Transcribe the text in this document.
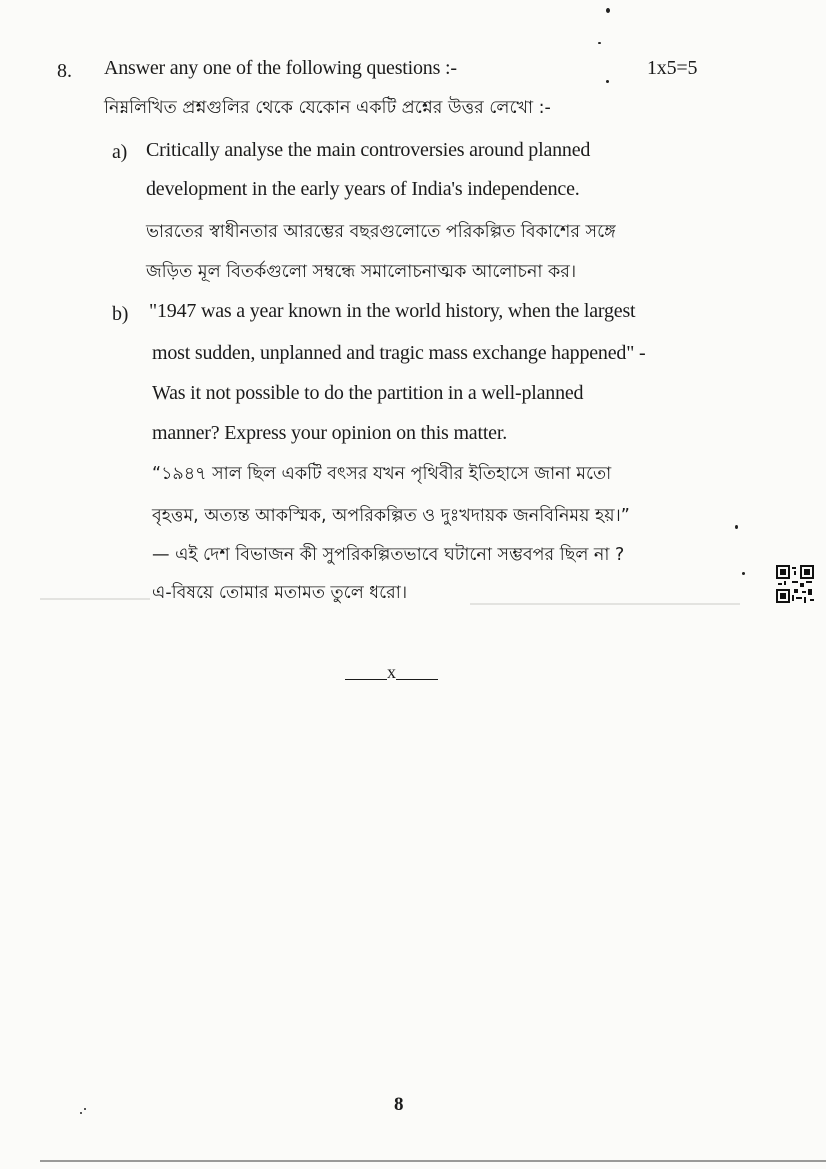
8. Answer any one of the following questions :-	1x5=5
নিম্নলিখিত প্রশ্নগুলির থেকে যেকোন একটি প্রশ্নের উত্তর লেখো :-
a) Critically analyse the main controversies around planned
development in the early years of India's independence.
ভারতের স্বাধীনতার আরম্ভের বছরগুলোতে পরিকল্পিত বিকাশের সঙ্গে
জড়িত মূল বিতর্কগুলো সম্বন্ধে সমালোচনাত্মক আলোচনা কর।
b) "1947 was a year known in the world history, when the largest
most sudden, unplanned and tragic mass exchange happened" -
Was it not possible to do the partition in a well-planned
manner? Express your opinion on this matter.
“১৯৪৭ সাল ছিল একটি বৎসর যখন পৃথিবীর ইতিহাসে জানা মতো
বৃহত্তম, অত্যন্ত আকস্মিক, অপরিকল্পিত ও দুঃখদায়ক জনবিনিময় হয়।”
— এই দেশ বিভাজন কী সুপরিকল্পিতভাবে ঘটানো সম্ভবপর ছিল না ?
এ-বিষয়ে তোমার মতামত তুলে ধরো।
x
8
